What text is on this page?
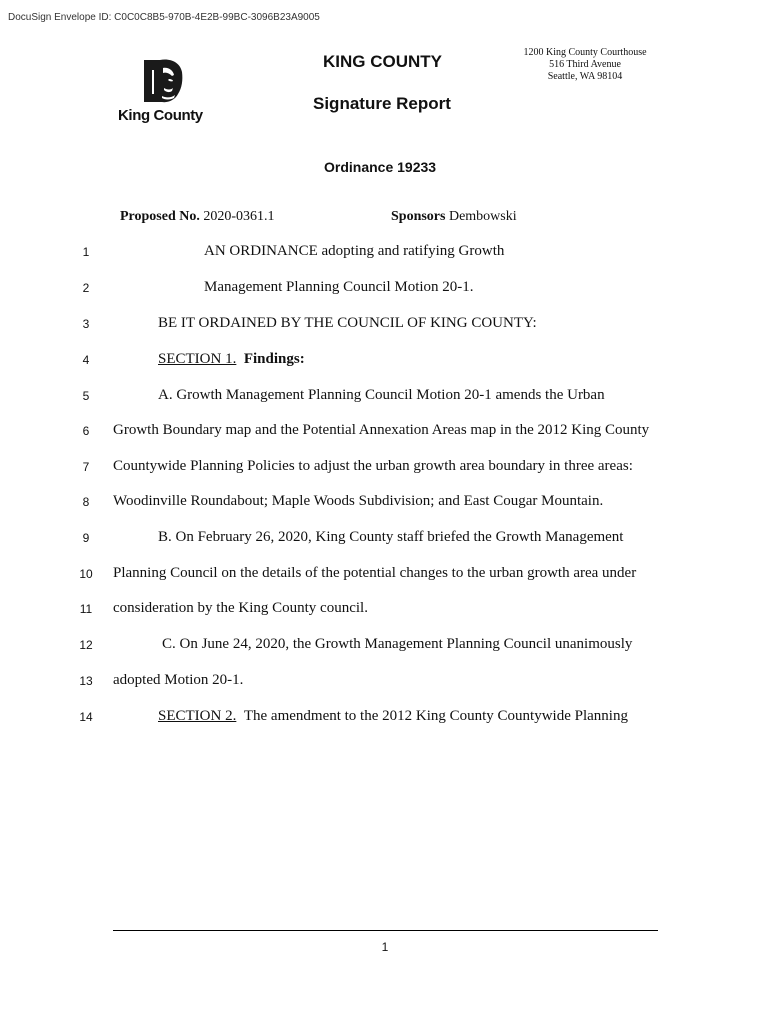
DocuSign Envelope ID: C0C0C8B5-970B-4E2B-99BC-3096B23A9005
King County
KING COUNTY
Signature Report
1200 King County Courthouse
516 Third Avenue
Seattle, WA 98104
Ordinance 19233
Proposed No. 2020-0361.1	Sponsors Dembowski
1	AN ORDINANCE adopting and ratifying Growth
2	Management Planning Council Motion 20-1.
3	BE IT ORDAINED BY THE COUNCIL OF KING COUNTY:
4	SECTION 1. Findings:
5	A. Growth Management Planning Council Motion 20-1 amends the Urban
6	Growth Boundary map and the Potential Annexation Areas map in the 2012 King County
7	Countywide Planning Policies to adjust the urban growth area boundary in three areas:
8	Woodinville Roundabout; Maple Woods Subdivision; and East Cougar Mountain.
9	B. On February 26, 2020, King County staff briefed the Growth Management
10 Planning Council on the details of the potential changes to the urban growth area under
11 consideration by the King County council.
12	C. On June 24, 2020, the Growth Management Planning Council unanimously
13 adopted Motion 20-1.
14	SECTION 2. The amendment to the 2012 King County Countywide Planning
1
